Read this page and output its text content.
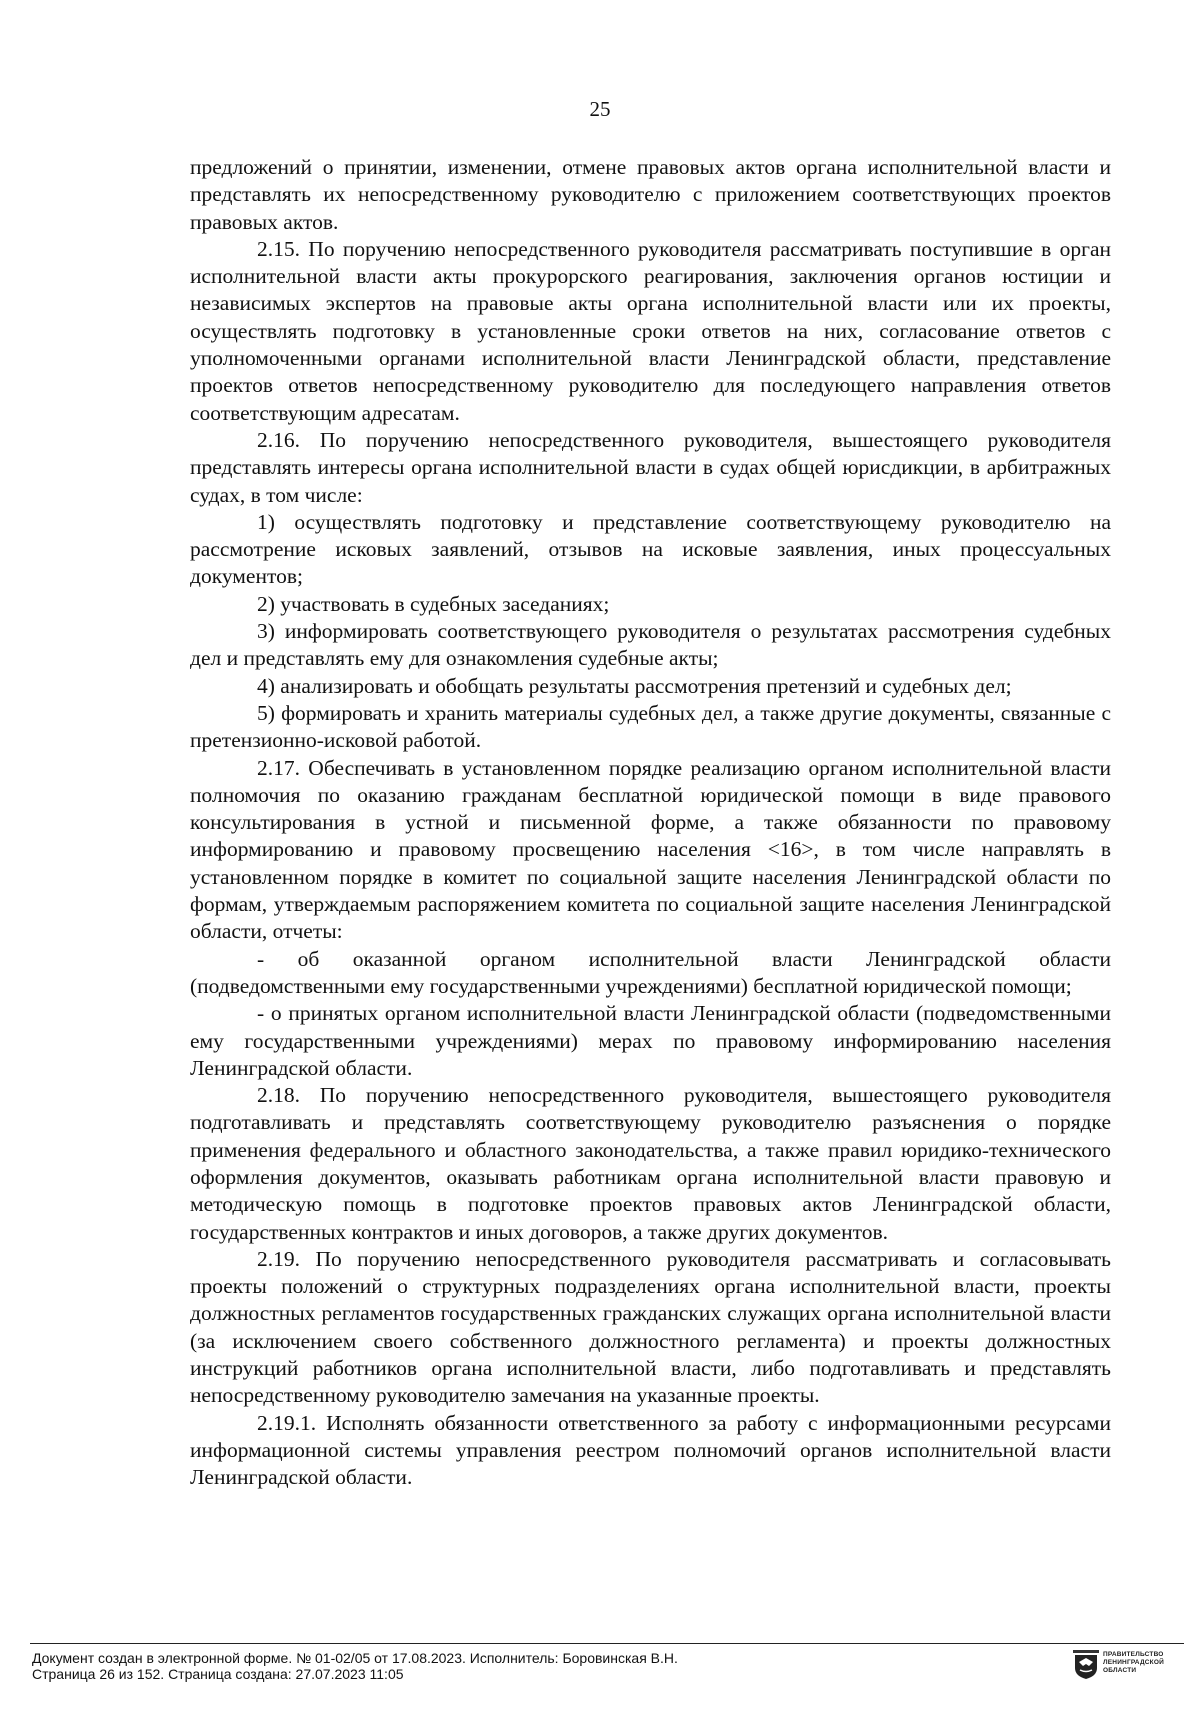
25

предложений о принятии, изменении, отмене правовых актов органа исполнительной власти и представлять их непосредственному руководителю с приложением соответствующих проектов правовых актов.

2.15. По поручению непосредственного руководителя рассматривать поступившие в орган исполнительной власти акты прокурорского реагирования, заключения органов юстиции и независимых экспертов на правовые акты органа исполнительной власти или их проекты, осуществлять подготовку в установленные сроки ответов на них, согласование ответов с уполномоченными органами исполнительной власти Ленинградской области, представление проектов ответов непосредственному руководителю для последующего направления ответов соответствующим адресатам.

2.16. По поручению непосредственного руководителя, вышестоящего руководителя представлять интересы органа исполнительной власти в судах общей юрисдикции, в арбитражных судах, в том числе:

1) осуществлять подготовку и представление соответствующему руководителю на рассмотрение исковых заявлений, отзывов на исковые заявления, иных процессуальных документов;

2) участвовать в судебных заседаниях;

3) информировать соответствующего руководителя о результатах рассмотрения судебных дел и представлять ему для ознакомления судебные акты;

4) анализировать и обобщать результаты рассмотрения претензий и судебных дел;

5) формировать и хранить материалы судебных дел, а также другие документы, связанные с претензионно-исковой работой.

2.17. Обеспечивать в установленном порядке реализацию органом исполнительной власти полномочия по оказанию гражданам бесплатной юридической помощи в виде правового консультирования в устной и письменной форме, а также обязанности по правовому информированию и правовому просвещению населения <16>, в том числе направлять в установленном порядке в комитет по социальной защите населения Ленинградской области по формам, утверждаемым распоряжением комитета по социальной защите населения Ленинградской области, отчеты:

- об оказанной органом исполнительной власти Ленинградской области (подведомственными ему государственными учреждениями) бесплатной юридической помощи;

- о принятых органом исполнительной власти Ленинградской области (подведомственными ему государственными учреждениями) мерах по правовому информированию населения Ленинградской области.

2.18. По поручению непосредственного руководителя, вышестоящего руководителя подготавливать и представлять соответствующему руководителю разъяснения о порядке применения федерального и областного законодательства, а также правил юридико-технического оформления документов, оказывать работникам органа исполнительной власти правовую и методическую помощь в подготовке проектов правовых актов Ленинградской области, государственных контрактов и иных договоров, а также других документов.

2.19. По поручению непосредственного руководителя рассматривать и согласовывать проекты положений о структурных подразделениях органа исполнительной власти, проекты должностных регламентов государственных гражданских служащих органа исполнительной власти (за исключением своего собственного должностного регламента) и проекты должностных инструкций работников органа исполнительной власти, либо подготавливать и представлять непосредственному руководителю замечания на указанные проекты.

2.19.1. Исполнять обязанности ответственного за работу с информационными ресурсами информационной системы управления реестром полномочий органов исполнительной власти Ленинградской области.

Документ создан в электронной форме. № 01-02/05 от 17.08.2023. Исполнитель: Боровинская В.Н.
Страница 26 из 152. Страница создана: 27.07.2023 11:05
ПРАВИТЕЛЬСТВО
ЛЕНИНГРАДСКОЙ
ОБЛАСТИ
